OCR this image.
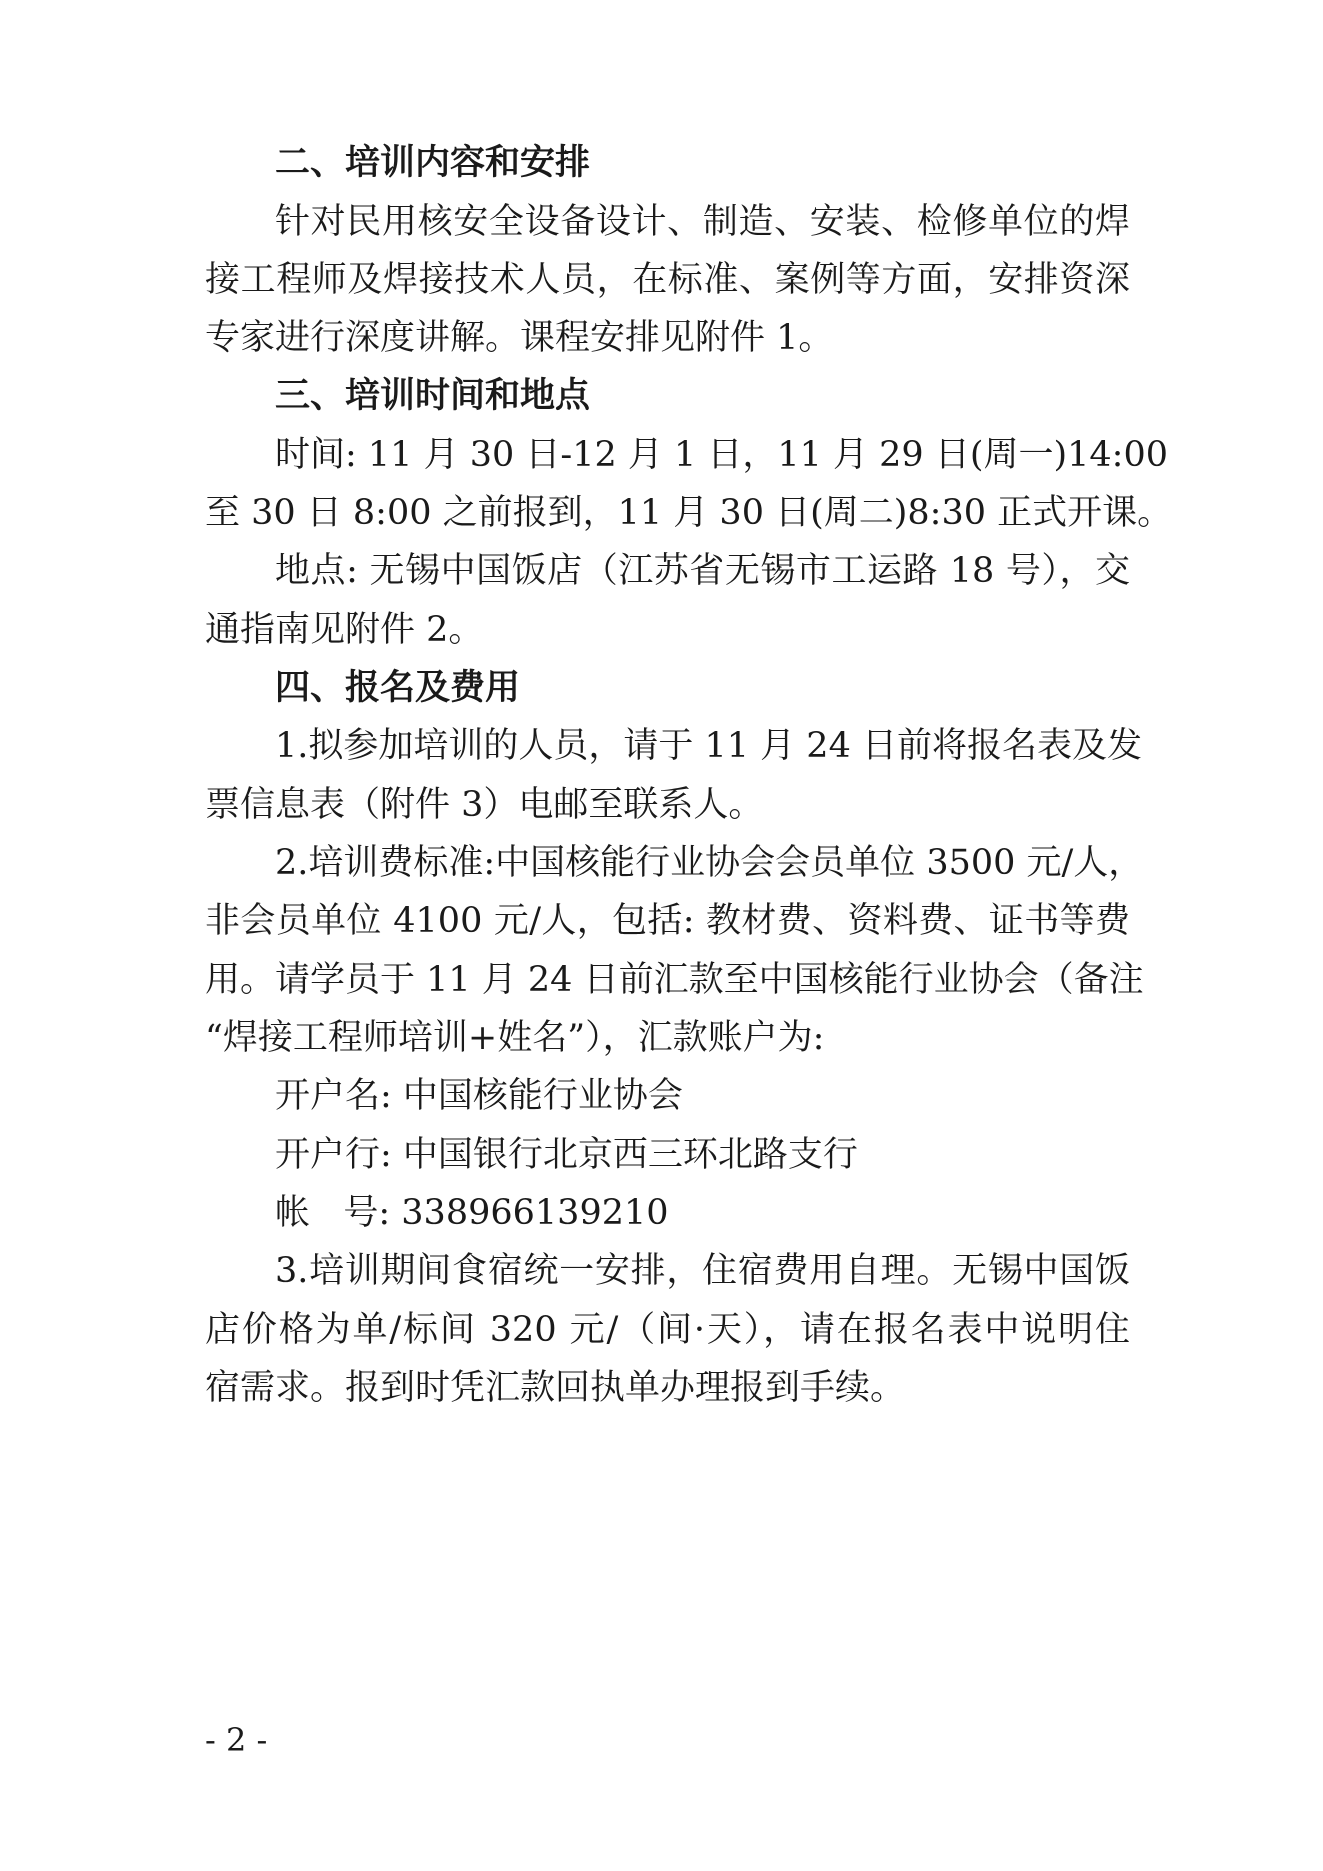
二、培训内容和安排
针对民用核安全设备设计、制造、安装、检修单位的焊
接工程师及焊接技术人员，在标准、案例等方面，安排资深
专家进行深度讲解。课程安排见附件 1。
三、培训时间和地点
时间: 11 月 30 日-12 月 1 日，11 月 29 日(周一)14:00
至 30 日 8:00 之前报到，11 月 30 日(周二)8:30 正式开课。
地点: 无锡中国饭店（江苏省无锡市工运路 18 号），交
通指南见附件 2。
四、报名及费用
1.拟参加培训的人员，请于 11 月 24 日前将报名表及发
票信息表（附件 3）电邮至联系人。
2.培训费标准:中国核能行业协会会员单位 3500 元/人，
非会员单位 4100 元/人，包括: 教材费、资料费、证书等费
用。请学员于 11 月 24 日前汇款至中国核能行业协会（备注
“焊接工程师培训+姓名”），汇款账户为:
开户名: 中国核能行业协会
开户行: 中国银行北京西三环北路支行
帐   号: 338966139210
3.培训期间食宿统一安排，住宿费用自理。无锡中国饭
店价格为单/标间 320 元/（间·天），请在报名表中说明住
宿需求。报到时凭汇款回执单办理报到手续。
- 2 -
